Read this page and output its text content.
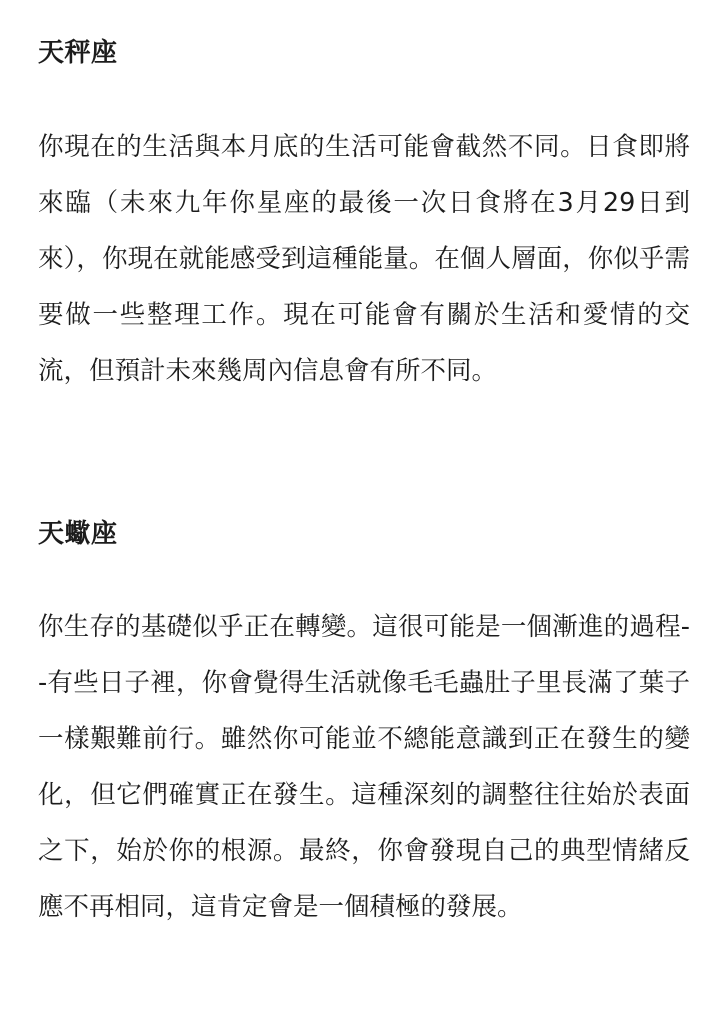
天秤座

你現在的生活與本月底的生活可能會截然不同。日食即將來臨（未來九年你星座的最後一次日食將在3月29日到來），你現在就能感受到這種能量。在個人層面，你似乎需要做一些整理工作。現在可能會有關於生活和愛情的交流，但預計未來幾周內信息會有所不同。

天蠍座

你生存的基礎似乎正在轉變。這很可能是一個漸進的過程--有些日子裡，你會覺得生活就像毛毛蟲肚子里長滿了葉子一樣艱難前行。雖然你可能並不總能意識到正在發生的變化，但它們確實正在發生。這種深刻的調整往往始於表面之下，始於你的根源。最終，你會發現自己的典型情緒反應不再相同，這肯定會是一個積極的發展。
